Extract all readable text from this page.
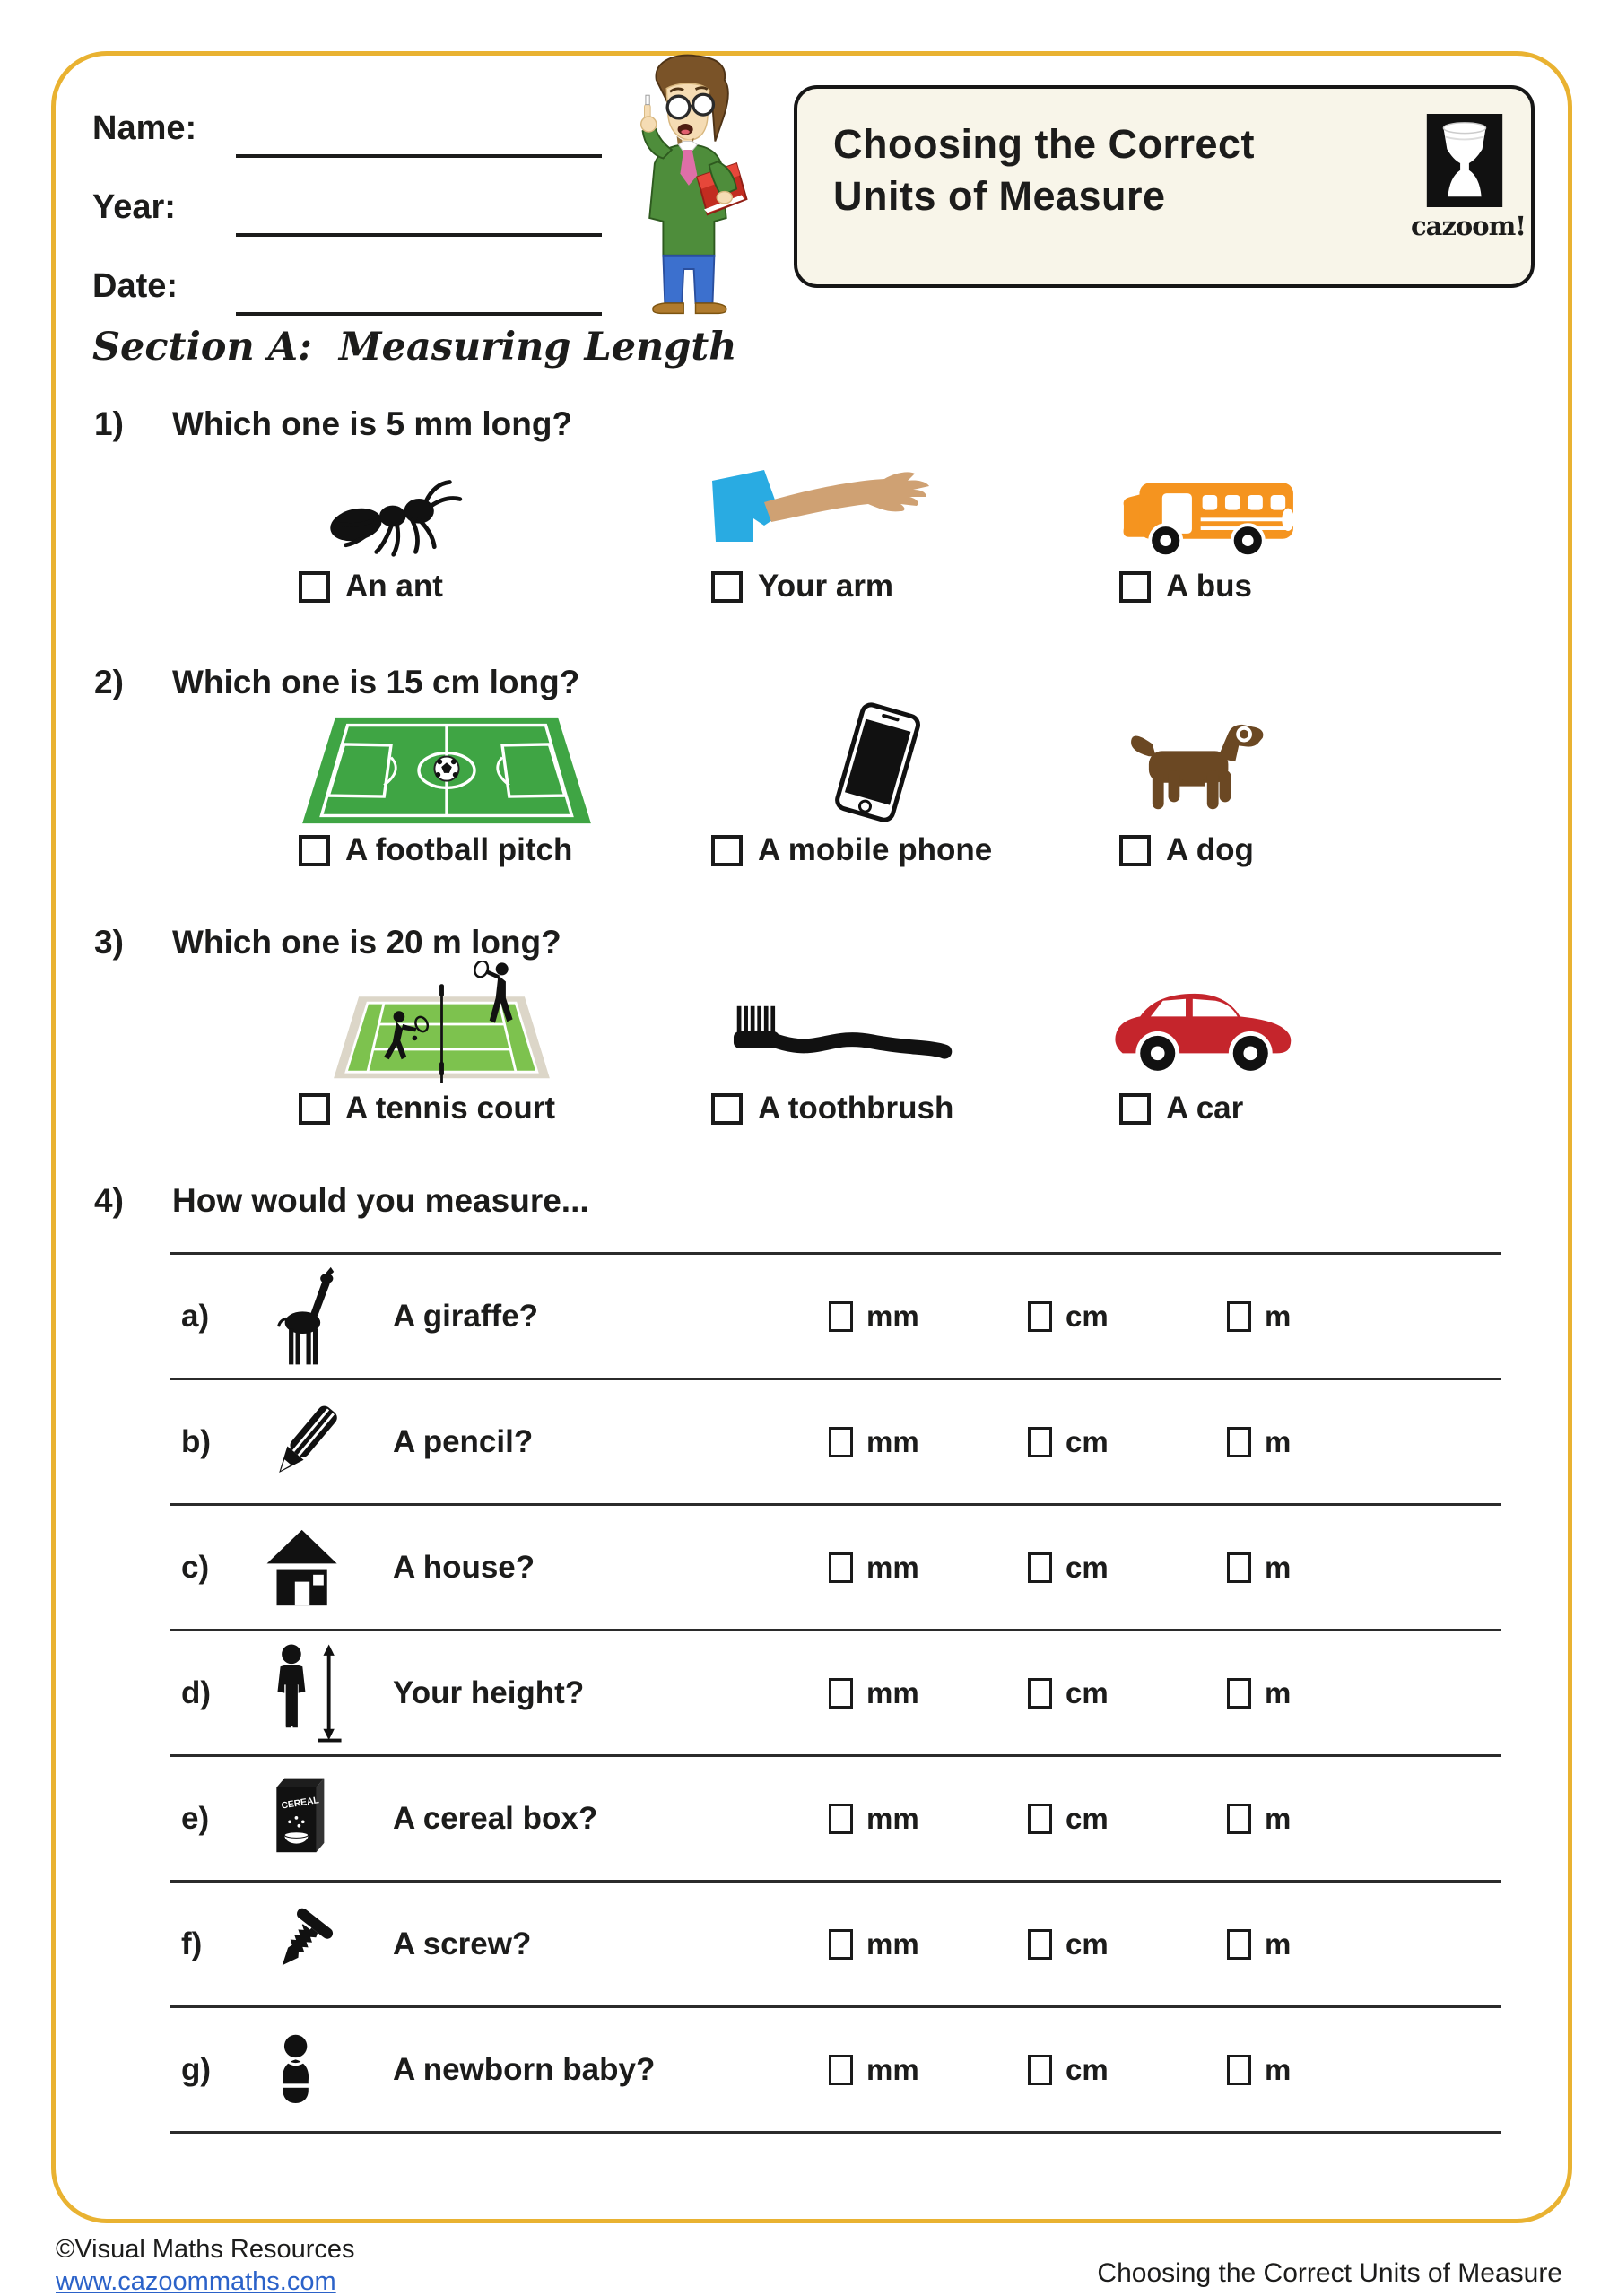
Name:
Year:
Date:
Choosing the Correct
Units of Measure
cazoom!
Section A:  Measuring Length
1) Which one is 5 mm long?
An ant	Your arm	A bus
2) Which one is 15 cm long?
A football pitch	A mobile phone	A dog
3) Which one is 20 m long?
A tennis court	A toothbrush	A car
4) How would you measure...
a)	A giraffe?	mm	cm	m
b)	A pencil?	mm	cm	m
c)	A house?	mm	cm	m
d)	Your height?	mm	cm	m
e)	CEREAL A cereal box?	mm	cm	m
f)	A screw?	mm	cm	m
g)	A newborn baby?	mm	cm	m
©Visual Maths Resources
www.cazoommaths.com	Choosing the Correct Units of Measure
